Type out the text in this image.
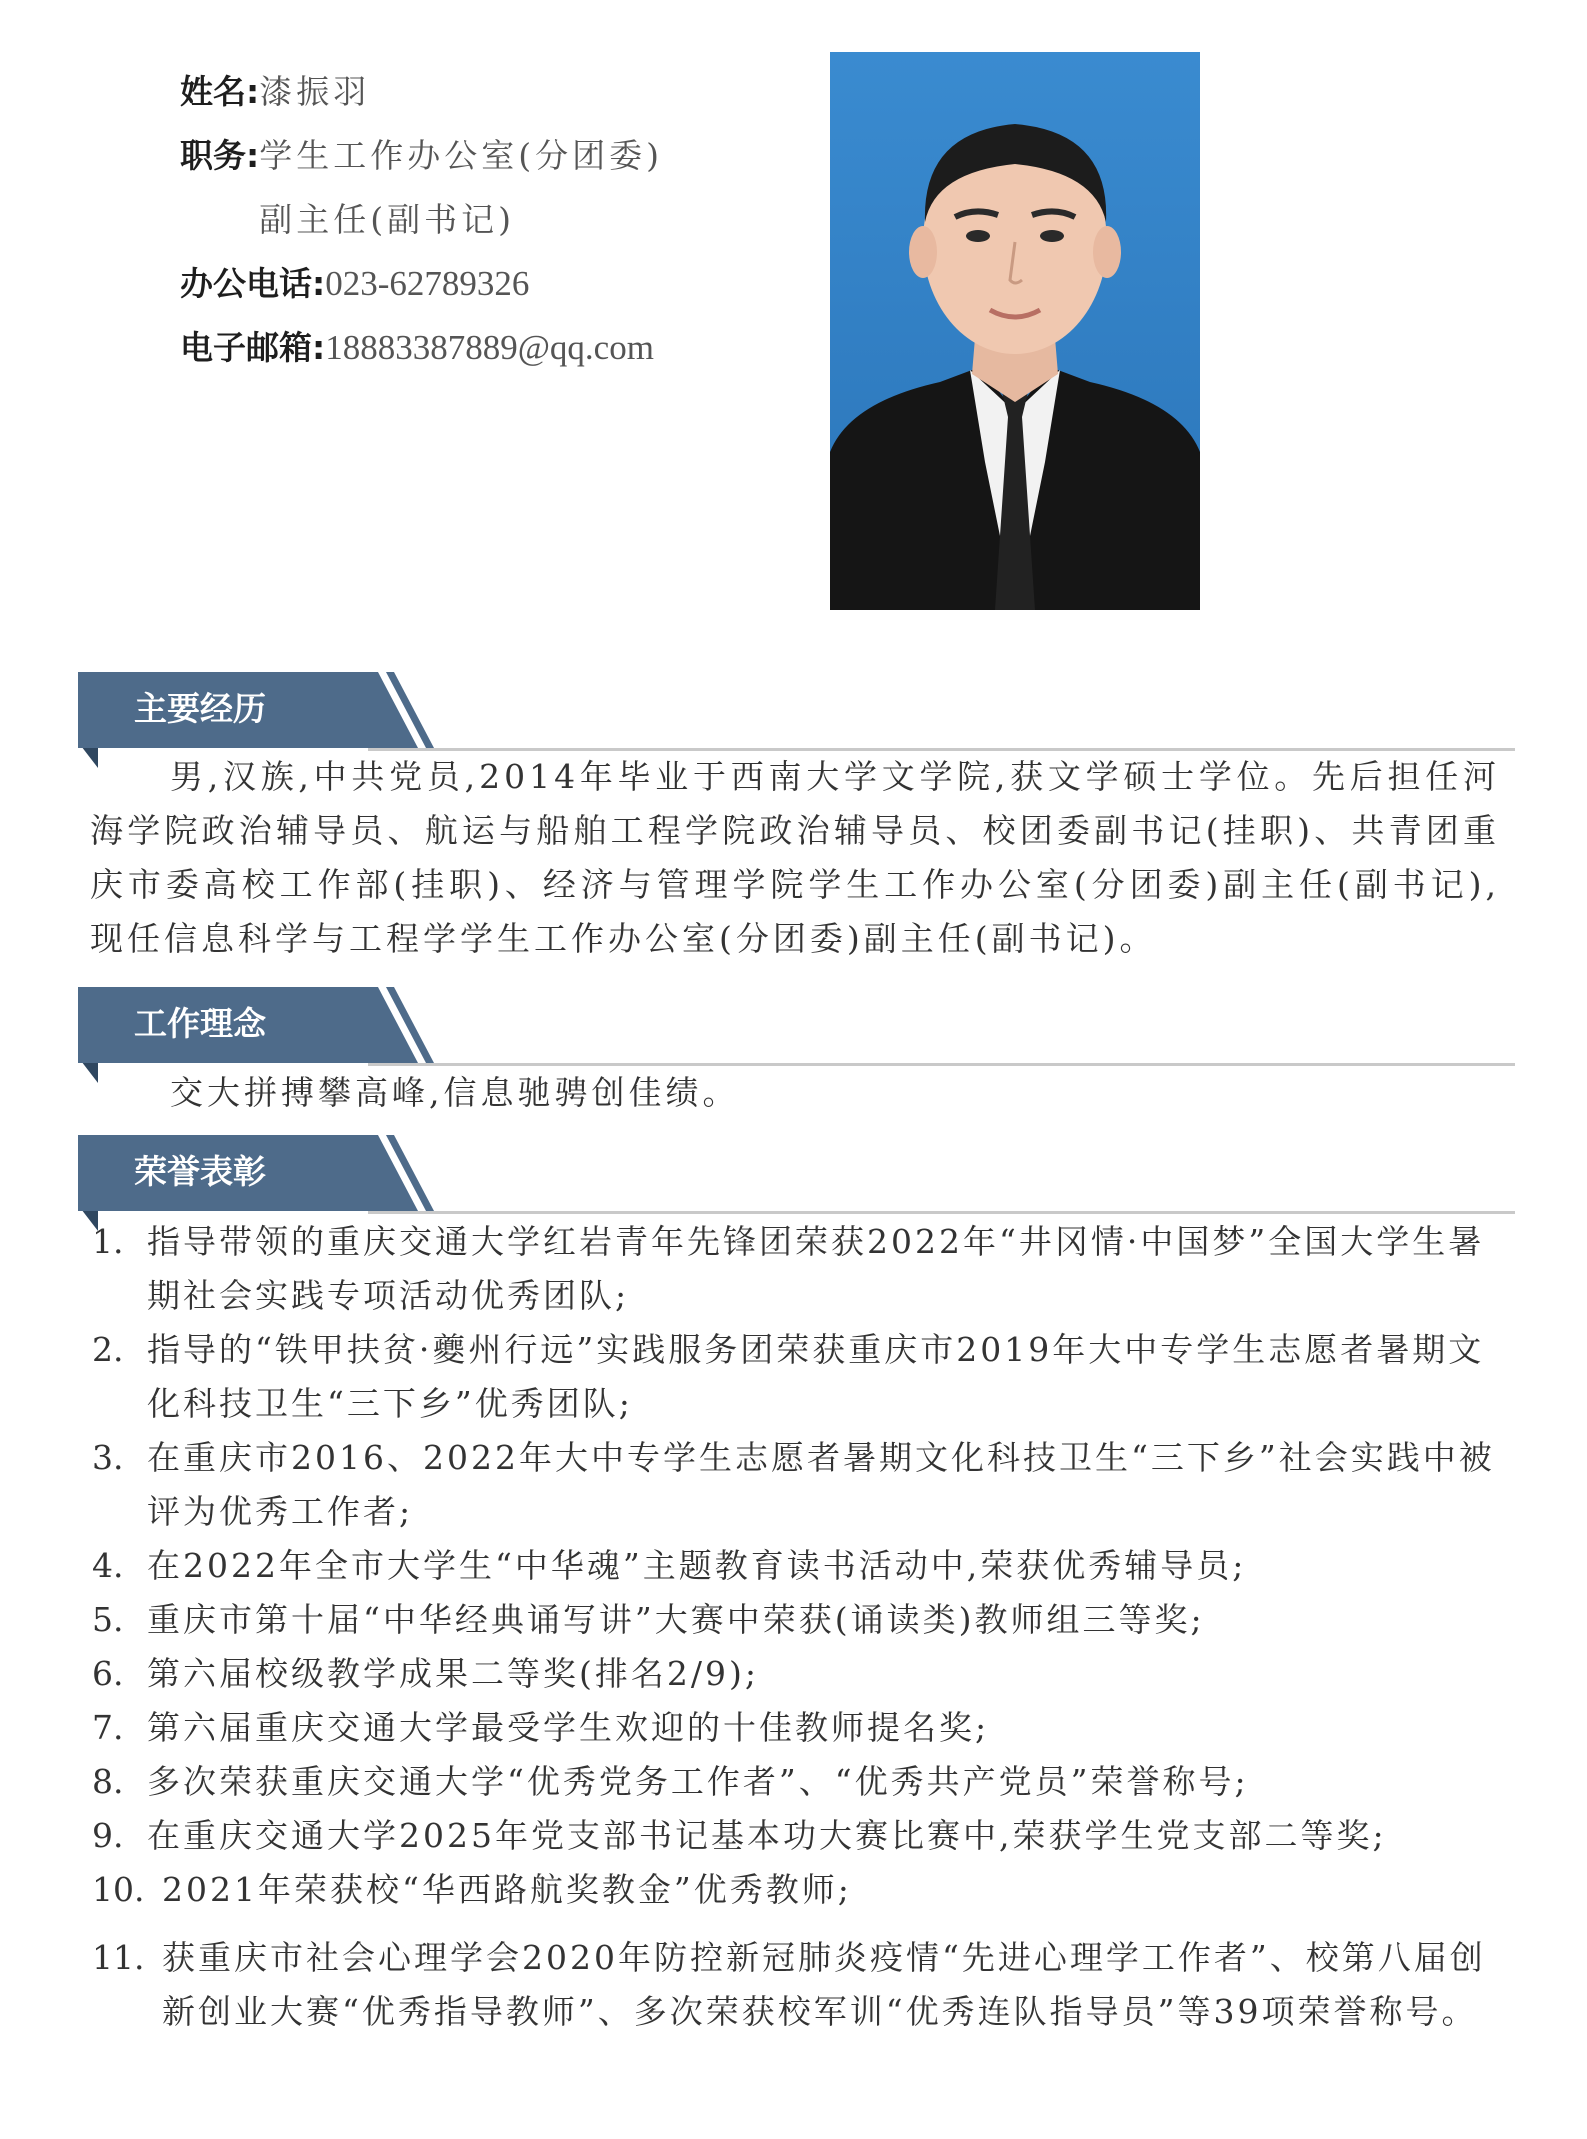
姓名: 漆振羽
职务: 学生工作办公室(分团委)
副主任(副书记)
办公电话: 023-62789326
电子邮箱: 18883387889@qq.com
主要经历
男,汉族,中共党员,2014年毕业于西南大学文学院,获文学硕士学位。先后担任河海学院政治辅导员、航运与船舶工程学院政治辅导员、校团委副书记(挂职)、共青团重庆市委高校工作部(挂职)、经济与管理学院学生工作办公室(分团委)副主任(副书记),现任信息科学与工程学学生工作办公室(分团委)副主任(副书记)。
工作理念
交大拼搏攀高峰,信息驰骋创佳绩。
荣誉表彰
1. 指导带领的重庆交通大学红岩青年先锋团荣获2022年“井冈情·中国梦”全国大学生暑期社会实践专项活动优秀团队;
2. 指导的“铁甲扶贫·夔州行远”实践服务团荣获重庆市2019年大中专学生志愿者暑期文化科技卫生“三下乡”优秀团队;
3. 在重庆市2016、2022年大中专学生志愿者暑期文化科技卫生“三下乡”社会实践中被评为优秀工作者;
4. 在2022年全市大学生“中华魂”主题教育读书活动中,荣获优秀辅导员;
5. 重庆市第十届“中华经典诵写讲”大赛中荣获(诵读类)教师组三等奖;
6. 第六届校级教学成果二等奖(排名2/9);
7. 第六届重庆交通大学最受学生欢迎的十佳教师提名奖;
8. 多次荣获重庆交通大学“优秀党务工作者”、“优秀共产党员”荣誉称号;
9. 在重庆交通大学2025年党支部书记基本功大赛比赛中,荣获学生党支部二等奖;
10. 2021年荣获校“华西路航奖教金”优秀教师;
11. 获重庆市社会心理学会2020年防控新冠肺炎疫情“先进心理学工作者”、校第八届创新创业大赛“优秀指导教师”、多次荣获校军训“优秀连队指导员”等39项荣誉称号。
